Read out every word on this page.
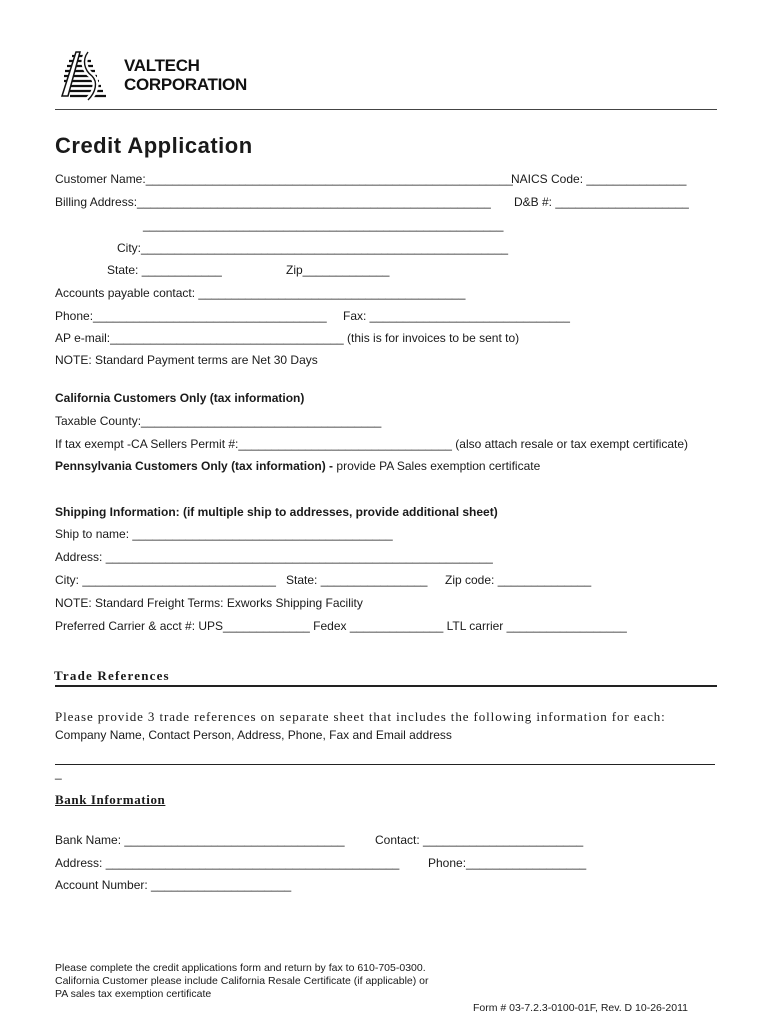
VALTECH
CORPORATION
Credit Application
Customer Name:_______________________________________________________
NAICS Code: _______________
Billing Address:_____________________________________________________ D&B #: ____________________
______________________________________________________
City:_______________________________________________________
State: ____________	Zip_____________
Accounts payable contact: ________________________________________
Phone:___________________________________ Fax: ______________________________
AP e-mail:___________________________________ (this is for invoices to be sent to)
NOTE: Standard Payment terms are Net 30 Days
California Customers Only (tax information)
Taxable County:____________________________________
If tax exempt -CA Sellers Permit #:________________________________ (also attach resale or tax exempt certificate)
Pennsylvania Customers Only (tax information) - provide PA Sales exemption certificate
Shipping Information: (if multiple ship to addresses, provide additional sheet)
Ship to name: _______________________________________
Address: __________________________________________________________
City: _____________________________ State: ________________ Zip code: ______________
NOTE: Standard Freight Terms: Exworks Shipping Facility
Preferred Carrier & acct #: UPS_____________ Fedex ______________ LTL carrier __________________
Trade References
Please provide 3 trade references on separate sheet that includes the following information for each:
Company Name, Contact Person, Address, Phone, Fax and Email address
_
Bank Information
Bank Name: _________________________________	Contact: ________________________
Address: ____________________________________________ Phone:__________________
Account Number: _____________________
Please complete the credit applications form and return by fax to 610-705-0300.
California Customer please include California Resale Certificate (if applicable) or
PA sales tax exemption certificate
Form # 03-7.2.3-0100-01F, Rev. D 10-26-2011
